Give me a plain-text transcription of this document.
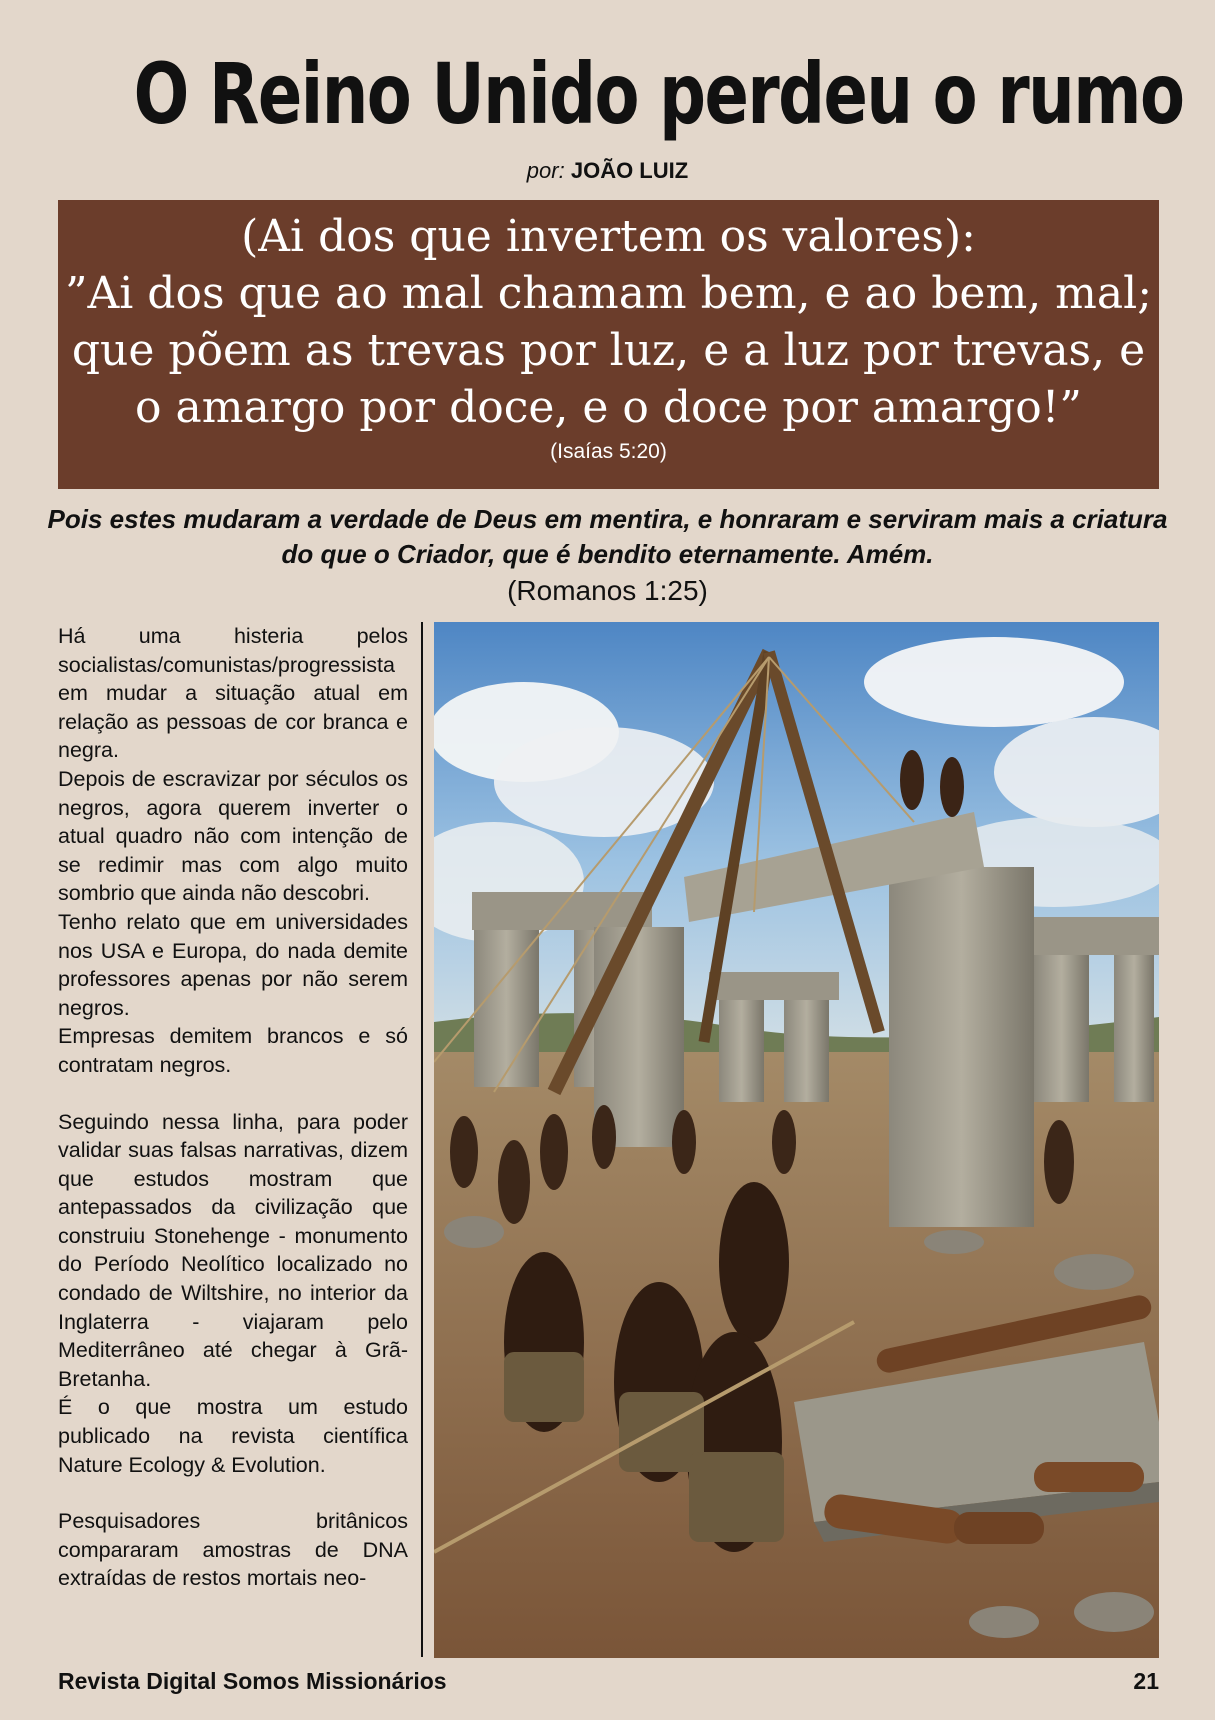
O Reino Unido perdeu o rumo
por: JOÃO LUIZ
(Ai dos que invertem os valores):
”Ai dos que ao mal chamam bem, e ao bem, mal;
que põem as trevas por luz, e a luz por trevas, e
o amargo por doce, e o doce por amargo!”
(Isaías 5:20)
Pois estes mudaram a verdade de Deus em mentira, e honraram e serviram mais a criatura do que o Criador, que é bendito eternamente. Amém.
(Romanos 1:25)

Há uma histeria pelos socialistas/comunistas/progressista em mudar a situação atual em relação as pessoas de cor branca e negra.

Depois de escravizar por séculos os negros, agora querem inverter o atual quadro não com intenção de se redimir mas com algo muito sombrio que ainda não descobri.

Tenho relato que em universidades nos USA e Europa, do nada demite professores apenas por não serem negros.

Empresas demitem brancos e só contratam negros.

Seguindo nessa linha, para poder validar suas falsas narrativas, dizem que estudos mostram que antepassados da civilização que construiu Stonehenge - monumento do Período Neolítico localizado no condado de Wiltshire, no interior da Inglaterra - viajaram pelo Mediterrâneo até chegar à Grã-Bretanha.

É o que mostra um estudo publicado na revista científica Nature Ecology & Evolution.

Pesquisadores britânicos compararam amostras de DNA extraídas de restos mortais neo-

Revista Digital Somos Missionários	21
